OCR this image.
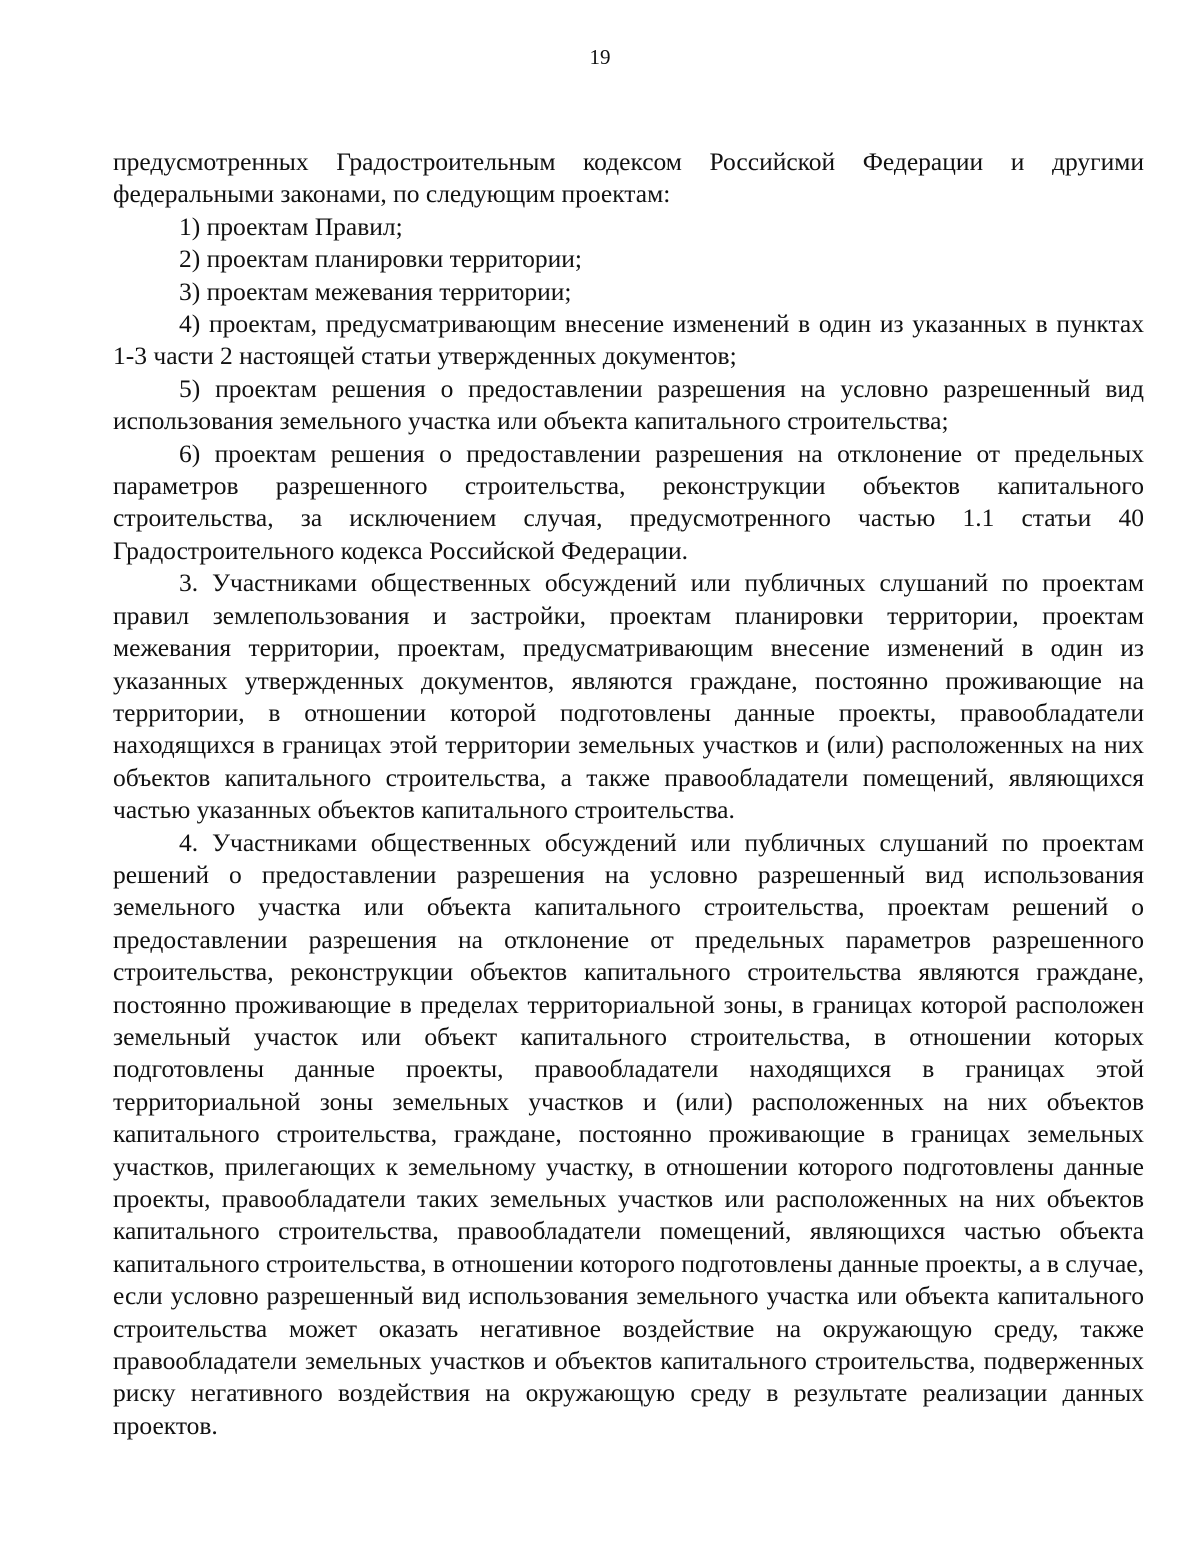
19

предусмотренных Градостроительным кодексом Российской Федерации и другими федеральными законами, по следующим проектам:

1) проектам Правил;

2) проектам планировки территории;

3) проектам межевания территории;

4) проектам, предусматривающим внесение изменений в один из указанных в пунктах 1-3 части 2 настоящей статьи утвержденных документов;

5) проектам решения о предоставлении разрешения на условно разрешенный вид использования земельного участка или объекта капитального строительства;

6) проектам решения о предоставлении разрешения на отклонение от предельных параметров разрешенного строительства, реконструкции объектов капитального строительства, за исключением случая, предусмотренного частью 1.1 статьи 40 Градостроительного кодекса Российской Федерации.

3. Участниками общественных обсуждений или публичных слушаний по проектам правил землепользования и застройки, проектам планировки территории, проектам межевания территории, проектам, предусматривающим внесение изменений в один из указанных утвержденных документов, являются граждане, постоянно проживающие на территории, в отношении которой подготовлены данные проекты, правообладатели находящихся в границах этой территории земельных участков и (или) расположенных на них объектов капитального строительства, а также правообладатели помещений, являющихся частью указанных объектов капитального строительства.

4. Участниками общественных обсуждений или публичных слушаний по проектам решений о предоставлении разрешения на условно разрешенный вид использования земельного участка или объекта капитального строительства, проектам решений о предоставлении разрешения на отклонение от предельных параметров разрешенного строительства, реконструкции объектов капитального строительства являются граждане, постоянно проживающие в пределах территориальной зоны, в границах которой расположен земельный участок или объект капитального строительства, в отношении которых подготовлены данные проекты, правообладатели находящихся в границах этой территориальной зоны земельных участков и (или) расположенных на них объектов капитального строительства, граждане, постоянно проживающие в границах земельных участков, прилегающих к земельному участку, в отношении которого подготовлены данные проекты, правообладатели таких земельных участков или расположенных на них объектов капитального строительства, правообладатели помещений, являющихся частью объекта капитального строительства, в отношении которого подготовлены данные проекты, а в случае, если условно разрешенный вид использования земельного участка или объекта капитального строительства может оказать негативное воздействие на окружающую среду, также правообладатели земельных участков и объектов капитального строительства, подверженных риску негативного воздействия на окружающую среду в результате реализации данных проектов.
